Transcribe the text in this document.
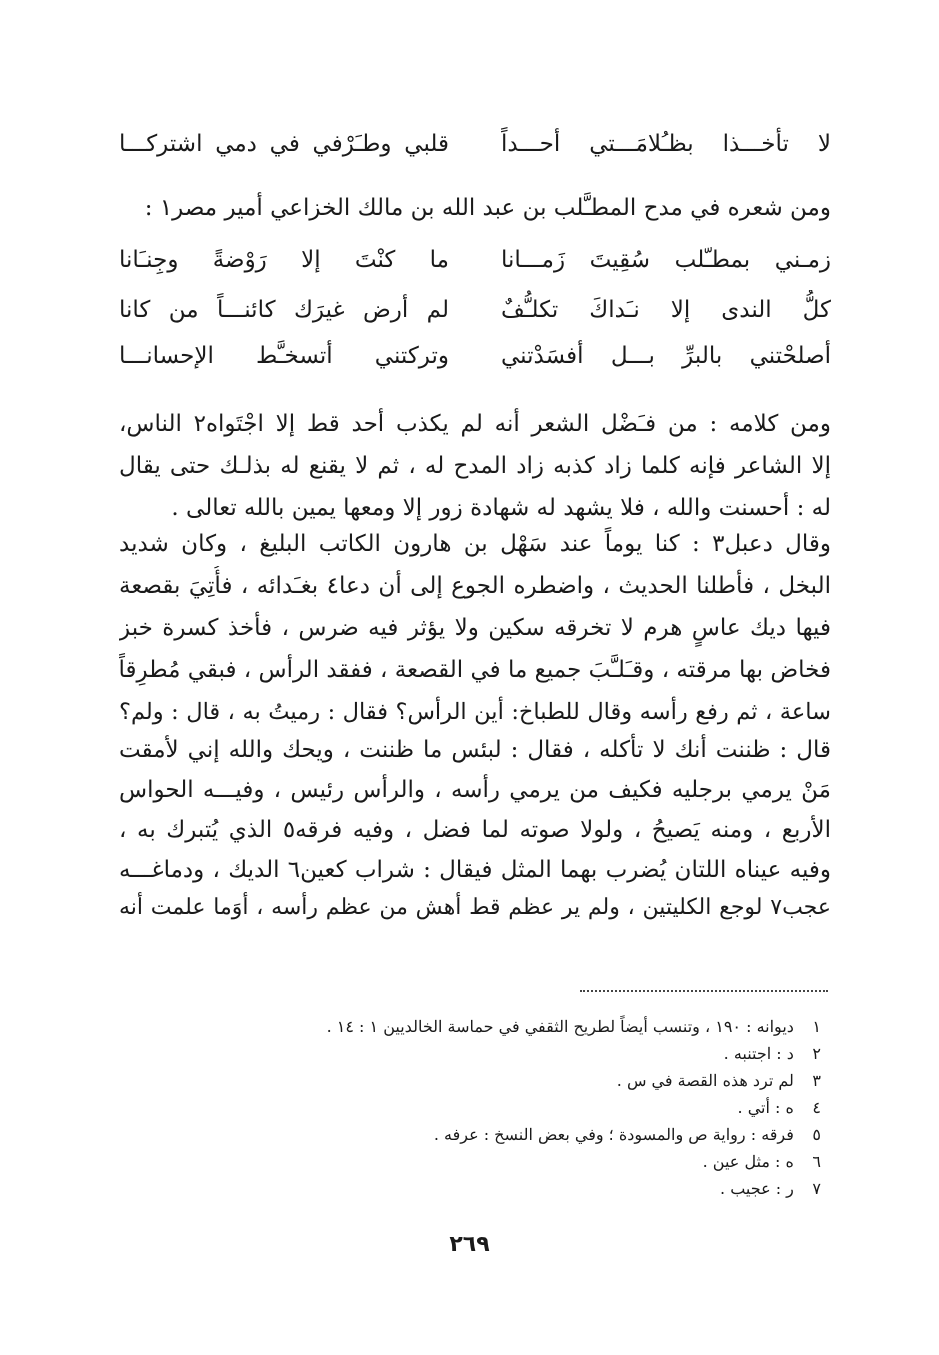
لا تأخـــذا بظـُلامَـــتي أحـــداً
قلبي وطـَرْفي في دمي اشتركـــا
ومن شعره في مدح المطـَّلب بن عبد الله بن مالك الخزاعي أمير مصر١ :
زمـني بمطـّلب سُقِيتَ زَمـــانا
ما كنْتَ إلا رَوْضةً وجِنـَانا
كلُّ الندى إلا نـَداكَ تكلـُّفٌ
لم أرض غيرَك كائنـــاً من كانا
أصلحْتني بالبرِّ بـــل أفسَدْتني
وتركتني أتسخـَّط الإحسانـــا
ومن كلامه : من فـَضْل الشعر أنه لم يكذب أحد قط إلا اجْتَواه٢ الناس،
إلا الشاعر فإنه كلما زاد كذبه زاد المدح له ، ثم لا يقنع له بذلـك حتى يقال
له : أحسنت والله ، فلا يشهد له شهادة زور إلا ومعها يمين بالله تعالى .
وقال دعبل٣ : كنا يوماً عند سَهْل بن هارون الكاتب البليغ ، وكان شديد
البخل ، فأطلنا الحديث ، واضطره الجوع إلى أن دعا٤ بغـَدائه ، فأُتِيَ بقصعة
فيها ديك عاسٍ هرم لا تخرقه سكين ولا يؤثر فيه ضرس ، فأخذ كسرة خبز
فخاض بها مرقته ، وقـَلـَّبَ جميع ما في القصعة ، ففقد الرأس ، فبقي مُطرِقاً
ساعة ، ثم رفع رأسه وقال للطباخ: أين الرأس؟ فقال : رميتُ به ، قال : ولم؟
قال : ظننت أنك لا تأكله ، فقال : لبئس ما ظننت ، ويحك والله إني لأمقت
مَنْ يرمي برجليه فكيف من يرمي رأسه ، والرأس رئيس ، وفيـــه الحواس
الأربع ، ومنه يَصيحُ ، ولولا صوته لما فضل ، وفيه فرقه٥ الذي يُتبرك به ،
وفيه عيناه اللتان يُضرب بهما المثل فيقال : شراب كعين٦ الديك ، ودماغـــه
عجب٧ لوجع الكليتين ، ولم ير عظم قط أهش من عظم رأسه ، أوَما علمت أنه
١ ديوانه : ١٩٠ ، وتنسب أيضاً لطريح الثقفي في حماسة الخالديين ١ : ١٤ .
٢ د : اجتنبه .
٣ لم ترد هذه القصة في س .
٤ ه : أتي .
٥ فرقه : رواية ص والمسودة ؛ وفي بعض النسخ : عرفه .
٦ ه : مثل عين .
٧ ر : عجيب .
٢٦٩
